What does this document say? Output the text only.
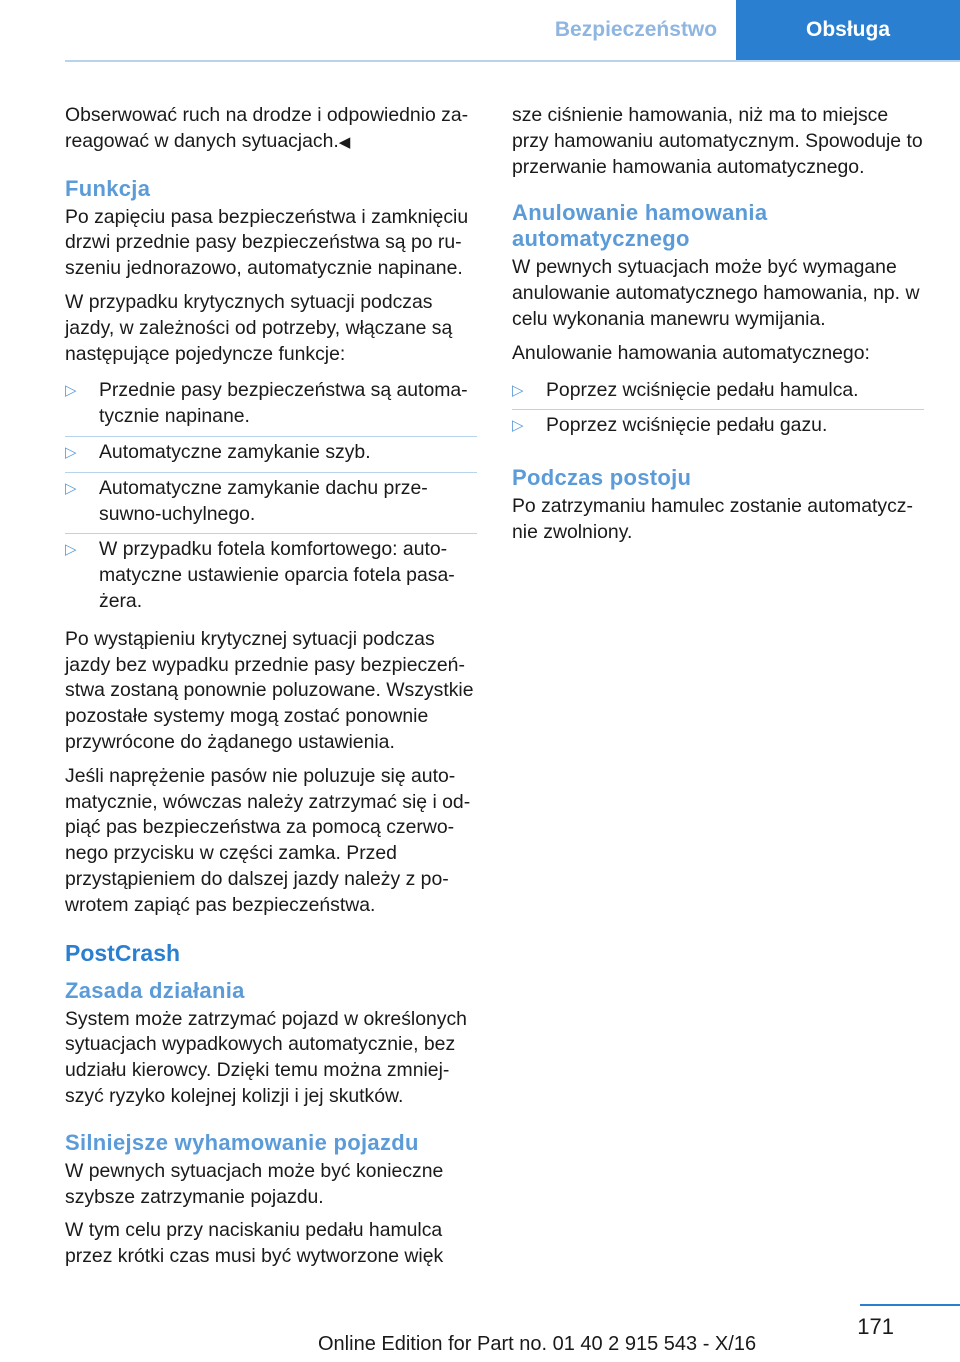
Bezpieczeństwo	Obsługa

Obserwować ruch na drodze i odpowiednio zareagować w danych sytuacjach.◀

Funkcja

Po zapięciu pasa bezpieczeństwa i zamknięciu drzwi przednie pasy bezpieczeństwa są po ruszeniu jednorazowo, automatycznie napinane.

W przypadku krytycznych sytuacji podczas jazdy, w zależności od potrzeby, włączane są następujące pojedyncze funkcje:

▷ Przednie pasy bezpieczeństwa są automatycznie napinane.
▷ Automatyczne zamykanie szyb.
▷ Automatyczne zamykanie dachu przesuwno-uchylnego.
▷ W przypadku fotela komfortowego: automatyczne ustawienie oparcia fotela pasażera.

Po wystąpieniu krytycznej sytuacji podczas jazdy bez wypadku przednie pasy bezpieczeństwa zostaną ponownie poluzowane. Wszystkie pozostałe systemy mogą zostać ponownie przywrócone do żądanego ustawienia.

Jeśli naprężenie pasów nie poluzuje się automatycznie, wówczas należy zatrzymać się i odpiąć pas bezpieczeństwa za pomocą czerwonego przycisku w części zamka. Przed przystąpieniem do dalszej jazdy należy z powrotem zapiąć pas bezpieczeństwa.

PostCrash
Zasada działania

System może zatrzymać pojazd w określonych sytuacjach wypadkowych automatycznie, bez udziału kierowcy. Dzięki temu można zmniejszyć ryzyko kolejnej kolizji i jej skutków.

Silniejsze wyhamowanie pojazdu

W pewnych sytuacjach może być konieczne szybsze zatrzymanie pojazdu.

W tym celu przy naciskaniu pedału hamulca przez krótki czas musi być wytworzone więk

sze ciśnienie hamowania, niż ma to miejsce przy hamowaniu automatycznym. Spowoduje to przerwanie hamowania automatycznego.

Anulowanie hamowania automatycznego

W pewnych sytuacjach może być wymagane anulowanie automatycznego hamowania, np. w celu wykonania manewru wymijania.

Anulowanie hamowania automatycznego:

▷ Poprzez wciśnięcie pedału hamulca.
▷ Poprzez wciśnięcie pedału gazu.
Podczas postoju

Po zatrzymaniu hamulec zostanie automatycznie zwolniony.

171
Online Edition for Part no. 01 40 2 915 543 - X/16
